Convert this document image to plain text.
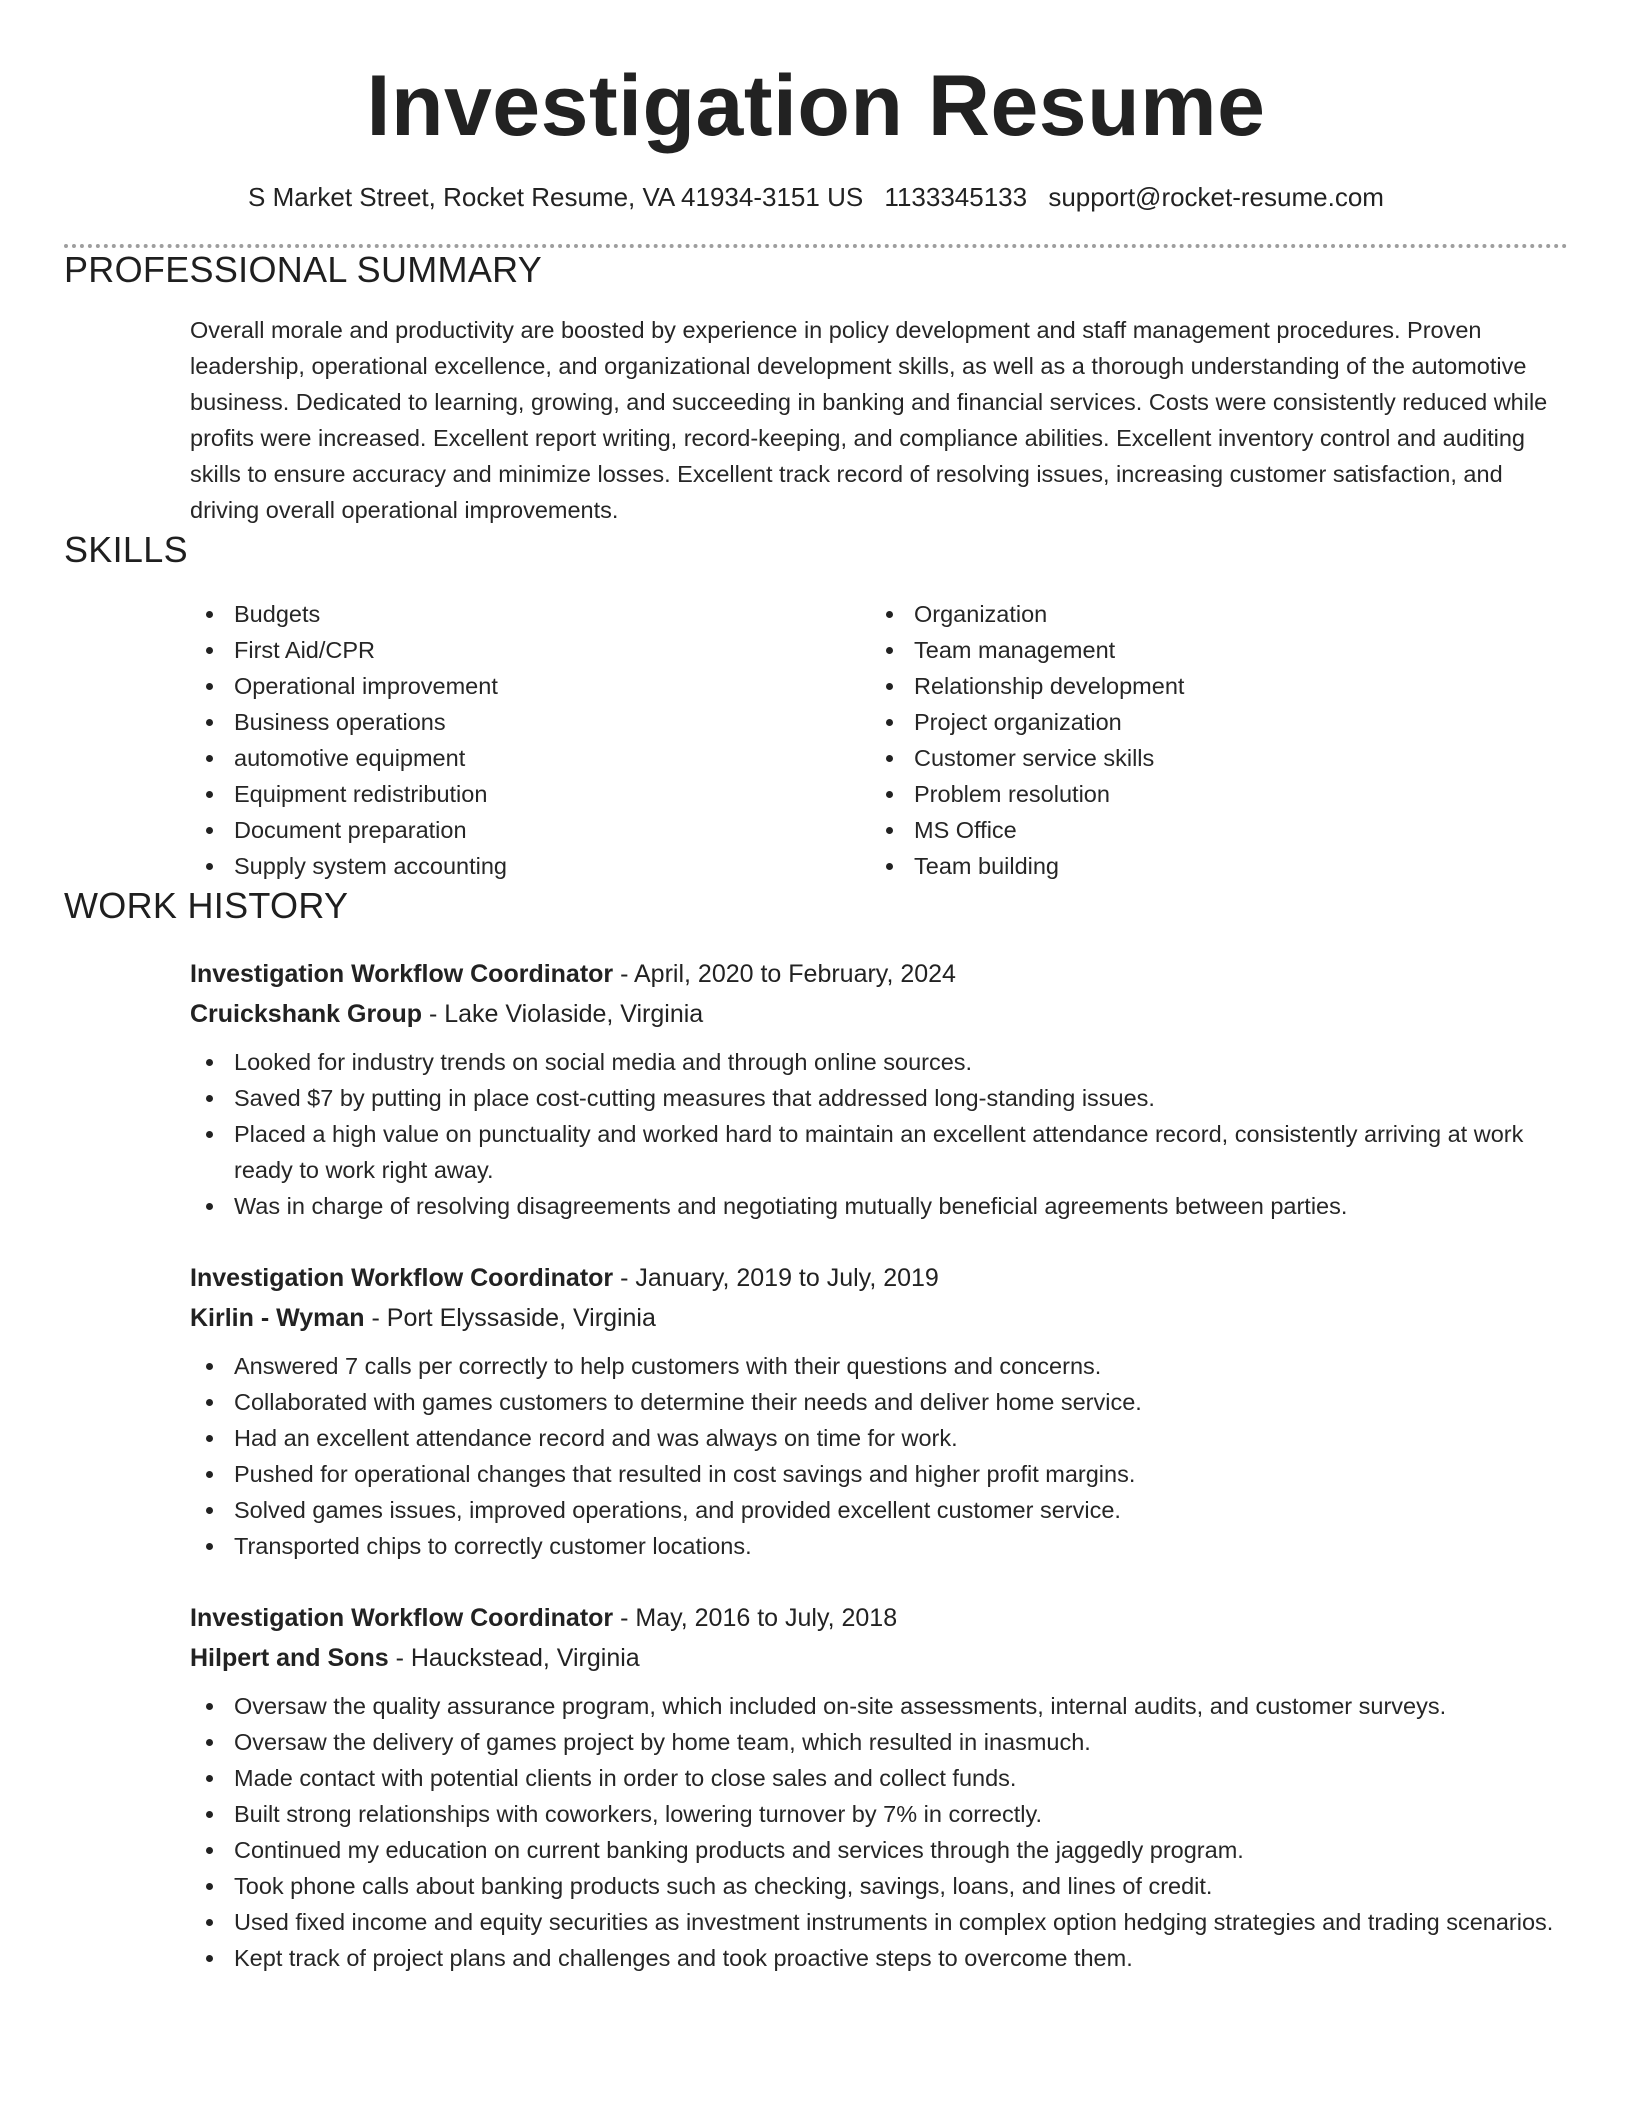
Investigation Resume
S Market Street, Rocket Resume, VA 41934-3151 US 1133345133 support@rocket-resume.com
PROFESSIONAL SUMMARY

Overall morale and productivity are boosted by experience in policy development and staff management procedures. Proven leadership, operational excellence, and organizational development skills, as well as a thorough understanding of the automotive business. Dedicated to learning, growing, and succeeding in banking and financial services. Costs were consistently reduced while profits were increased. Excellent report writing, record-keeping, and compliance abilities. Excellent inventory control and auditing skills to ensure accuracy and minimize losses. Excellent track record of resolving issues, increasing customer satisfaction, and driving overall operational improvements.

SKILLS
Budgets
First Aid/CPR
Operational improvement
Business operations
automotive equipment
Equipment redistribution
Document preparation
Supply system accounting
Organization
Team management
Relationship development
Project organization
Customer service skills
Problem resolution
MS Office
Team building
WORK HISTORY
Investigation Workflow Coordinator - April, 2020 to February, 2024
Cruickshank Group - Lake Violaside, Virginia
Looked for industry trends on social media and through online sources.
Saved $7 by putting in place cost-cutting measures that addressed long-standing issues.
Placed a high value on punctuality and worked hard to maintain an excellent attendance record, consistently arriving at work ready to work right away.
Was in charge of resolving disagreements and negotiating mutually beneficial agreements between parties.
Investigation Workflow Coordinator - January, 2019 to July, 2019
Kirlin - Wyman - Port Elyssaside, Virginia
Answered 7 calls per correctly to help customers with their questions and concerns.
Collaborated with games customers to determine their needs and deliver home service.
Had an excellent attendance record and was always on time for work.
Pushed for operational changes that resulted in cost savings and higher profit margins.
Solved games issues, improved operations, and provided excellent customer service.
Transported chips to correctly customer locations.
Investigation Workflow Coordinator - May, 2016 to July, 2018
Hilpert and Sons - Hauckstead, Virginia
Oversaw the quality assurance program, which included on-site assessments, internal audits, and customer surveys.
Oversaw the delivery of games project by home team, which resulted in inasmuch.
Made contact with potential clients in order to close sales and collect funds.
Built strong relationships with coworkers, lowering turnover by 7% in correctly.
Continued my education on current banking products and services through the jaggedly program.
Took phone calls about banking products such as checking, savings, loans, and lines of credit.
Used fixed income and equity securities as investment instruments in complex option hedging strategies and trading scenarios.
Kept track of project plans and challenges and took proactive steps to overcome them.
